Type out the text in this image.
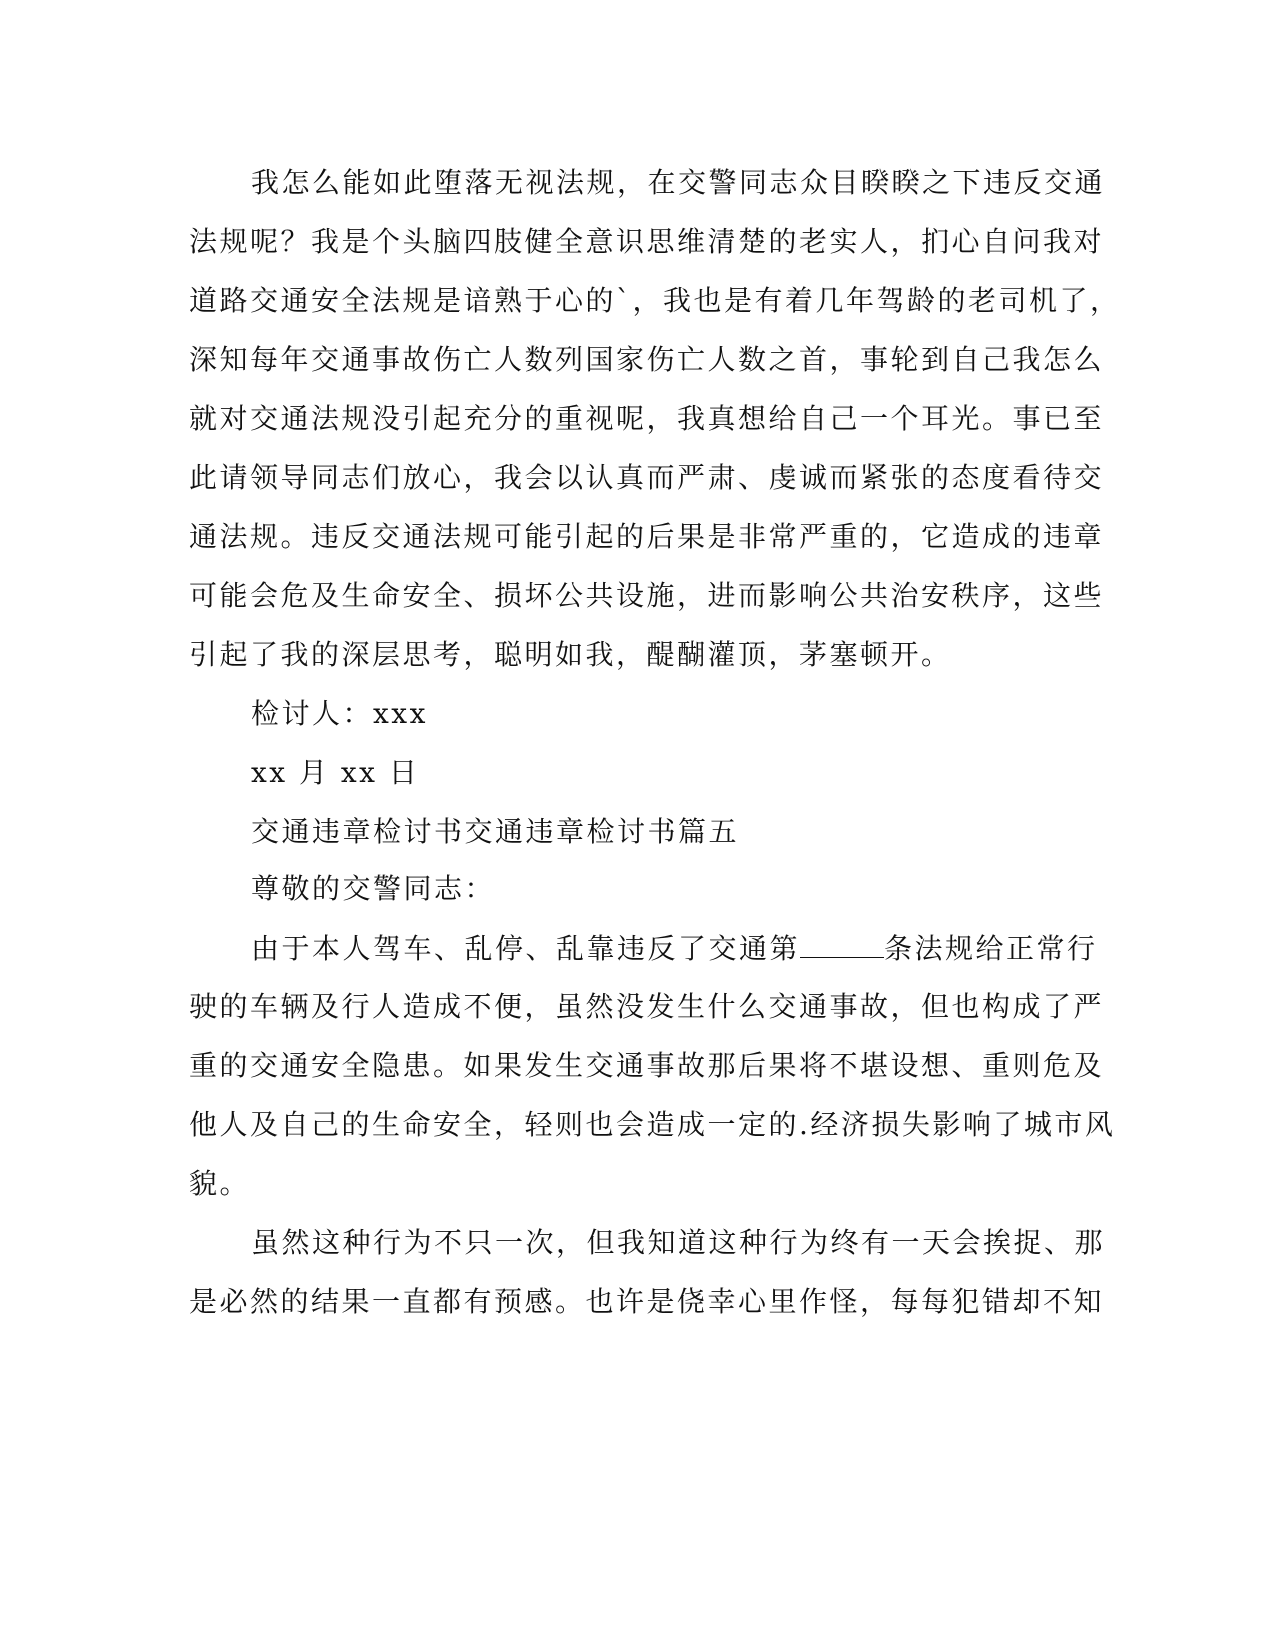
我怎么能如此堕落无视法规，在交警同志众目睽睽之下违反交通
法规呢？我是个头脑四肢健全意识思维清楚的老实人，扪心自问我对
道路交通安全法规是谙熟于心的`，我也是有着几年驾龄的老司机了，
深知每年交通事故伤亡人数列国家伤亡人数之首，事轮到自己我怎么
就对交通法规没引起充分的重视呢，我真想给自己一个耳光。事已至
此请领导同志们放心，我会以认真而严肃、虔诚而紧张的态度看待交
通法规。违反交通法规可能引起的后果是非常严重的，它造成的违章
可能会危及生命安全、损坏公共设施，进而影响公共治安秩序，这些
引起了我的深层思考，聪明如我，醍醐灌顶，茅塞顿开。
检讨人：xxx
xx 月 xx 日
交通违章检讨书交通违章检讨书篇五
尊敬的交警同志：
由于本人驾车、乱停、乱靠违反了交通第	条法规给正常行
驶的车辆及行人造成不便，虽然没发生什么交通事故，但也构成了严
重的交通安全隐患。如果发生交通事故那后果将不堪设想、重则危及
他人及自己的生命安全，轻则也会造成一定的.经济损失影响了城市风
貌。
虽然这种行为不只一次，但我知道这种行为终有一天会挨捉、那
是必然的结果一直都有预感。也许是侥幸心里作怪，每每犯错却不知
